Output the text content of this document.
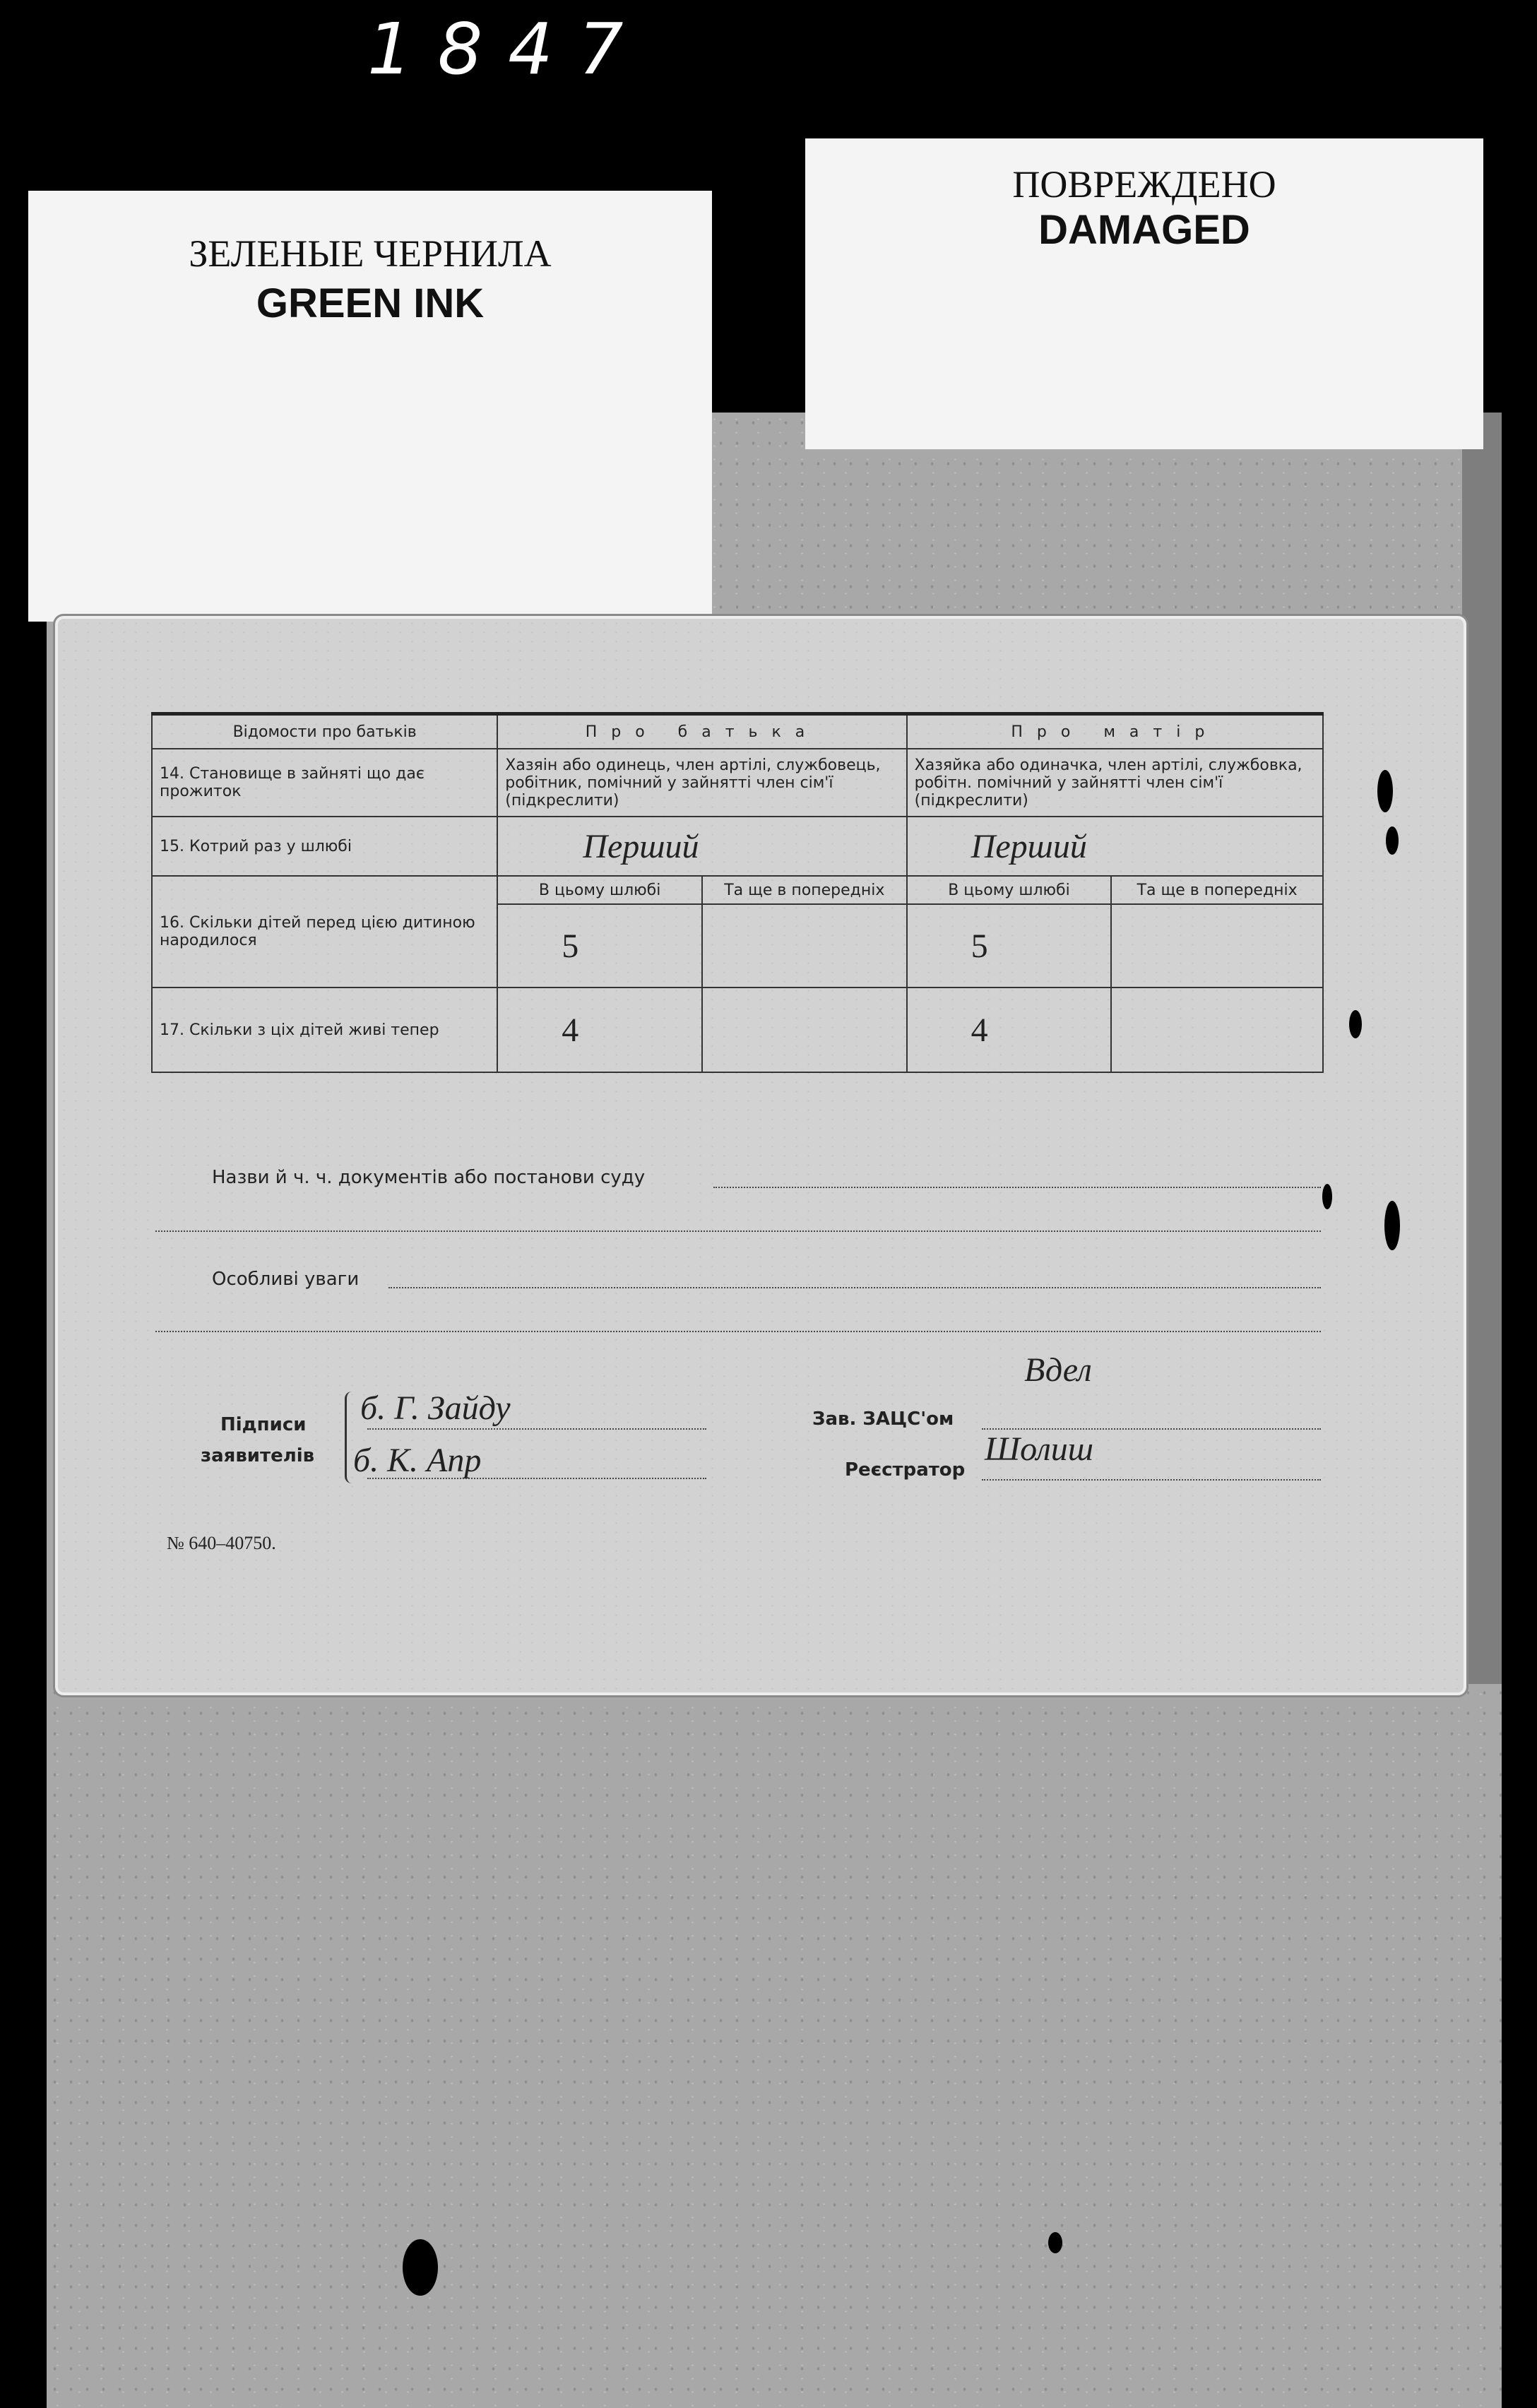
1847
ЗЕЛЕНЫЕ ЧЕРНИЛА
GREEN INK
ПОВРЕЖДЕНО
DAMAGED
Відомости про батьків	Про батька		Про матір	
14. Становище в зайняті що дає прожиток	Хазяін або одинець, член артілі, службовець, робітник, помічний у зайнятті член сім'ї (підкреслити)		Хазяйка або одиначка, член артілі, службовка, робітн. помічний у зайнятті член сім'ї (підкреслити)	
15. Котрий раз у шлюбі	Перший		Перший	
16. Скільки дітей перед цією дитиною народилося	В цьому шлюбі	Та ще в попередніх	В цьому шлюбі	Та ще в попередніх
	5		5	
17. Скільки з ціх дітей живі тепер	4		4	
Назви й ч. ч. документів або постанови суду
Особливі уваги
Підписи
заявителів
б. Г. Зайду
б. К. Апр
Зав. ЗАЦС'ом
Вдел
Реєстратор
Шолиш
№ 640–40750.
